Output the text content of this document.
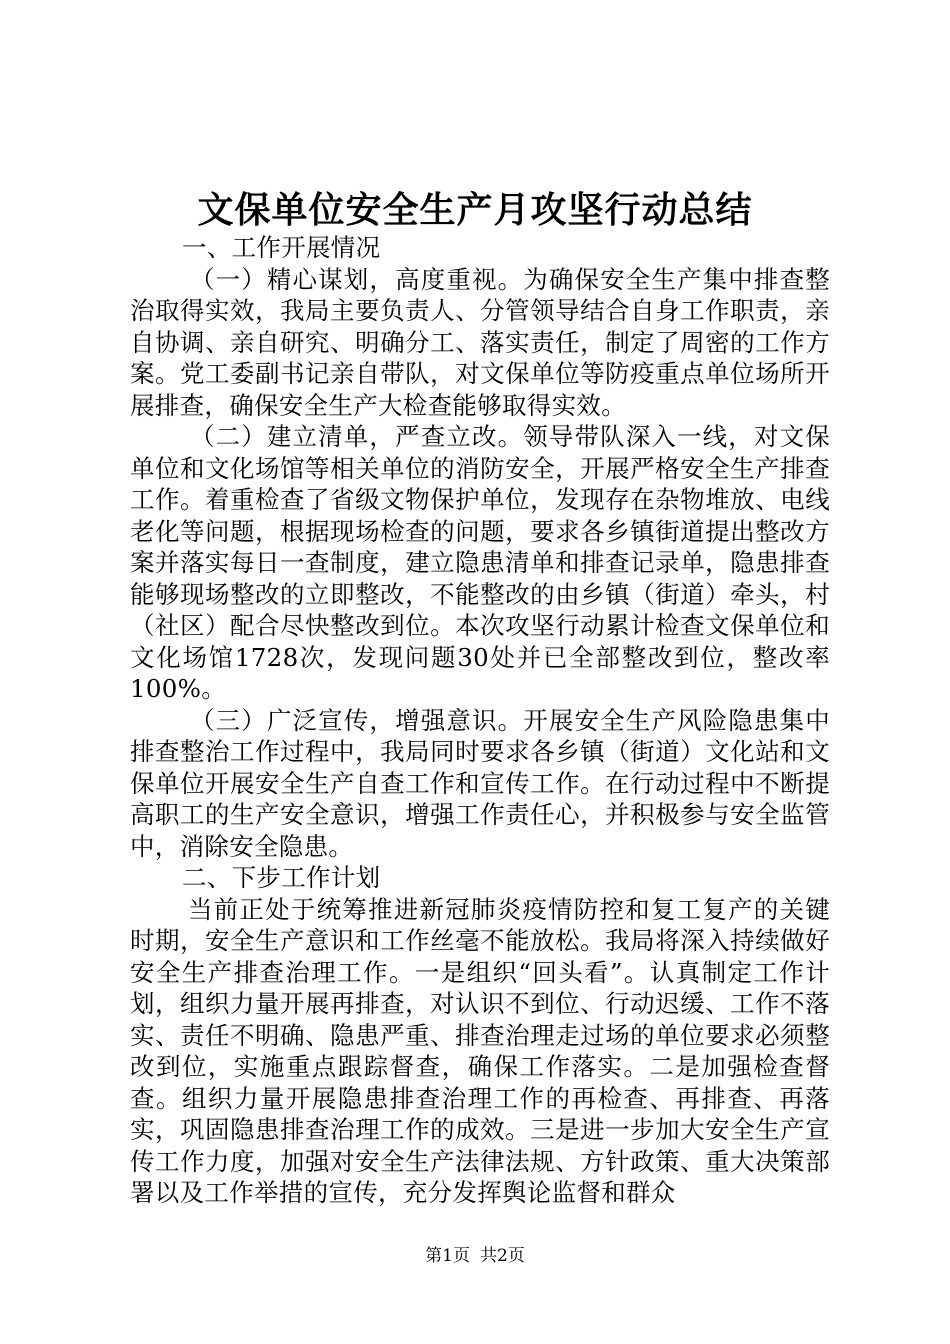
文保单位安全生产月攻坚行动总结

一、工作开展情况

（一）精心谋划，高度重视。为确保安全生产集中排查整治取得实效，我局主要负责人、分管领导结合自身工作职责，亲自协调、亲自研究、明确分工、落实责任，制定了周密的工作方案。党工委副书记亲自带队，对文保单位等防疫重点单位场所开展排查，确保安全生产大检查能够取得实效。

（二）建立清单，严查立改。领导带队深入一线，对文保单位和文化场馆等相关单位的消防安全，开展严格安全生产排查工作。着重检查了省级文物保护单位，发现存在杂物堆放、电线老化等问题，根据现场检查的问题，要求各乡镇街道提出整改方案并落实每日一查制度，建立隐患清单和排查记录单，隐患排查能够现场整改的立即整改，不能整改的由乡镇（街道）牵头，村（社区）配合尽快整改到位。本次攻坚行动累计检查文保单位和文化场馆1728次，发现问题30处并已全部整改到位，整改率100%。

（三）广泛宣传，增强意识。开展安全生产风险隐患集中排查整治工作过程中，我局同时要求各乡镇（街道）文化站和文保单位开展安全生产自查工作和宣传工作。在行动过程中不断提高职工的生产安全意识，增强工作责任心，并积极参与安全监管中，消除安全隐患。

二、下步工作计划

当前正处于统筹推进新冠肺炎疫情防控和复工复产的关键时期，安全生产意识和工作丝毫不能放松。我局将深入持续做好安全生产排查治理工作。一是组织“回头看”。认真制定工作计划，组织力量开展再排查，对认识不到位、行动迟缓、工作不落实、责任不明确、隐患严重、排查治理走过场的单位要求必须整改到位，实施重点跟踪督查，确保工作落实。二是加强检查督查。组织力量开展隐患排查治理工作的再检查、再排查、再落实，巩固隐患排查治理工作的成效。三是进一步加大安全生产宣传工作力度，加强对安全生产法律法规、方针政策、重大决策部署以及工作举措的宣传，充分发挥舆论监督和群众

第1页 共2页
